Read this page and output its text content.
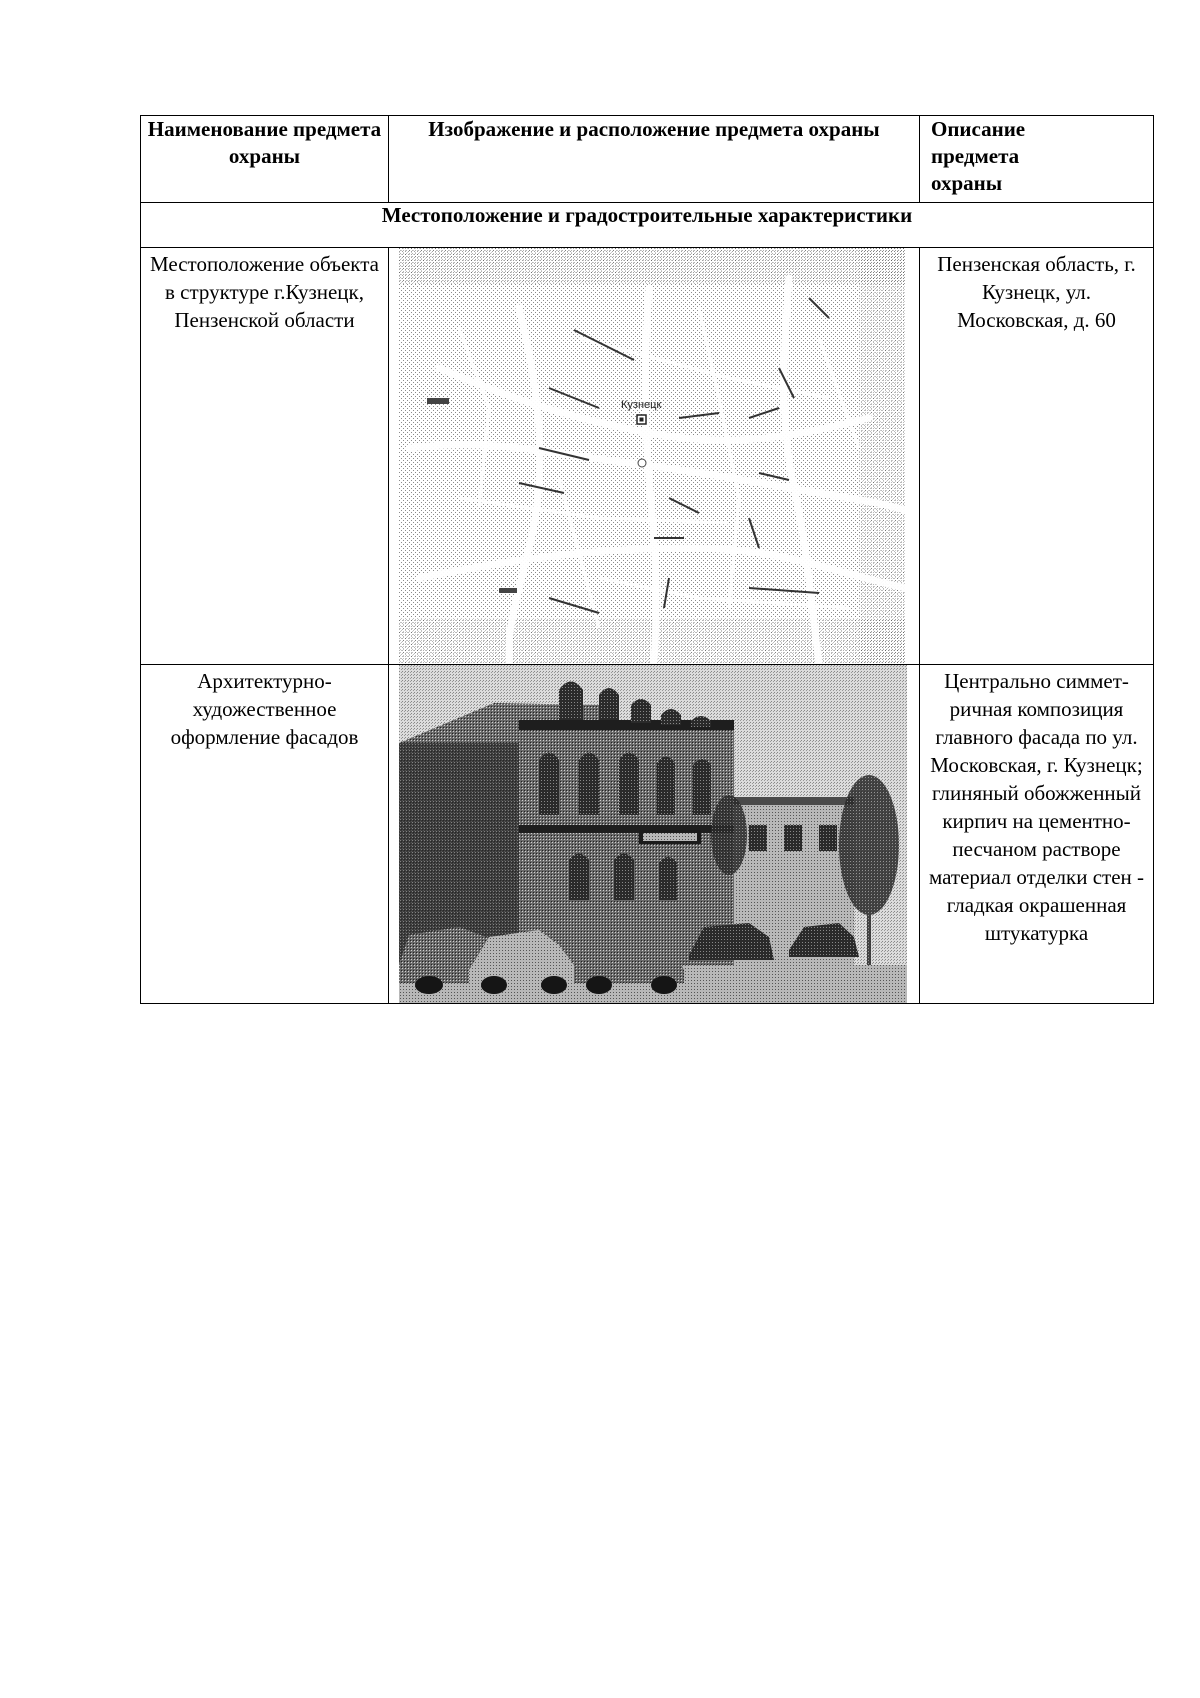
Наименование предмета охраны	Изображение и расположение предмета охраны	Описание
предмета
охраны

Местоположение и градостроительные характеристики		

Местоположение объекта в структуре г.Кузнецк, Пензенской области	Кузнецк	Пензенская область, г. Кузнецк, ул. Московская, д. 60

Архитектурно-художественное оформление фасадов		Центрально симмет-ричная композиция главного фасада по ул. Московская, г. Кузнецк; глиняный обожженный кирпич на цементно-песчаном растворе материал отделки стен - гладкая окрашенная штукатурка
